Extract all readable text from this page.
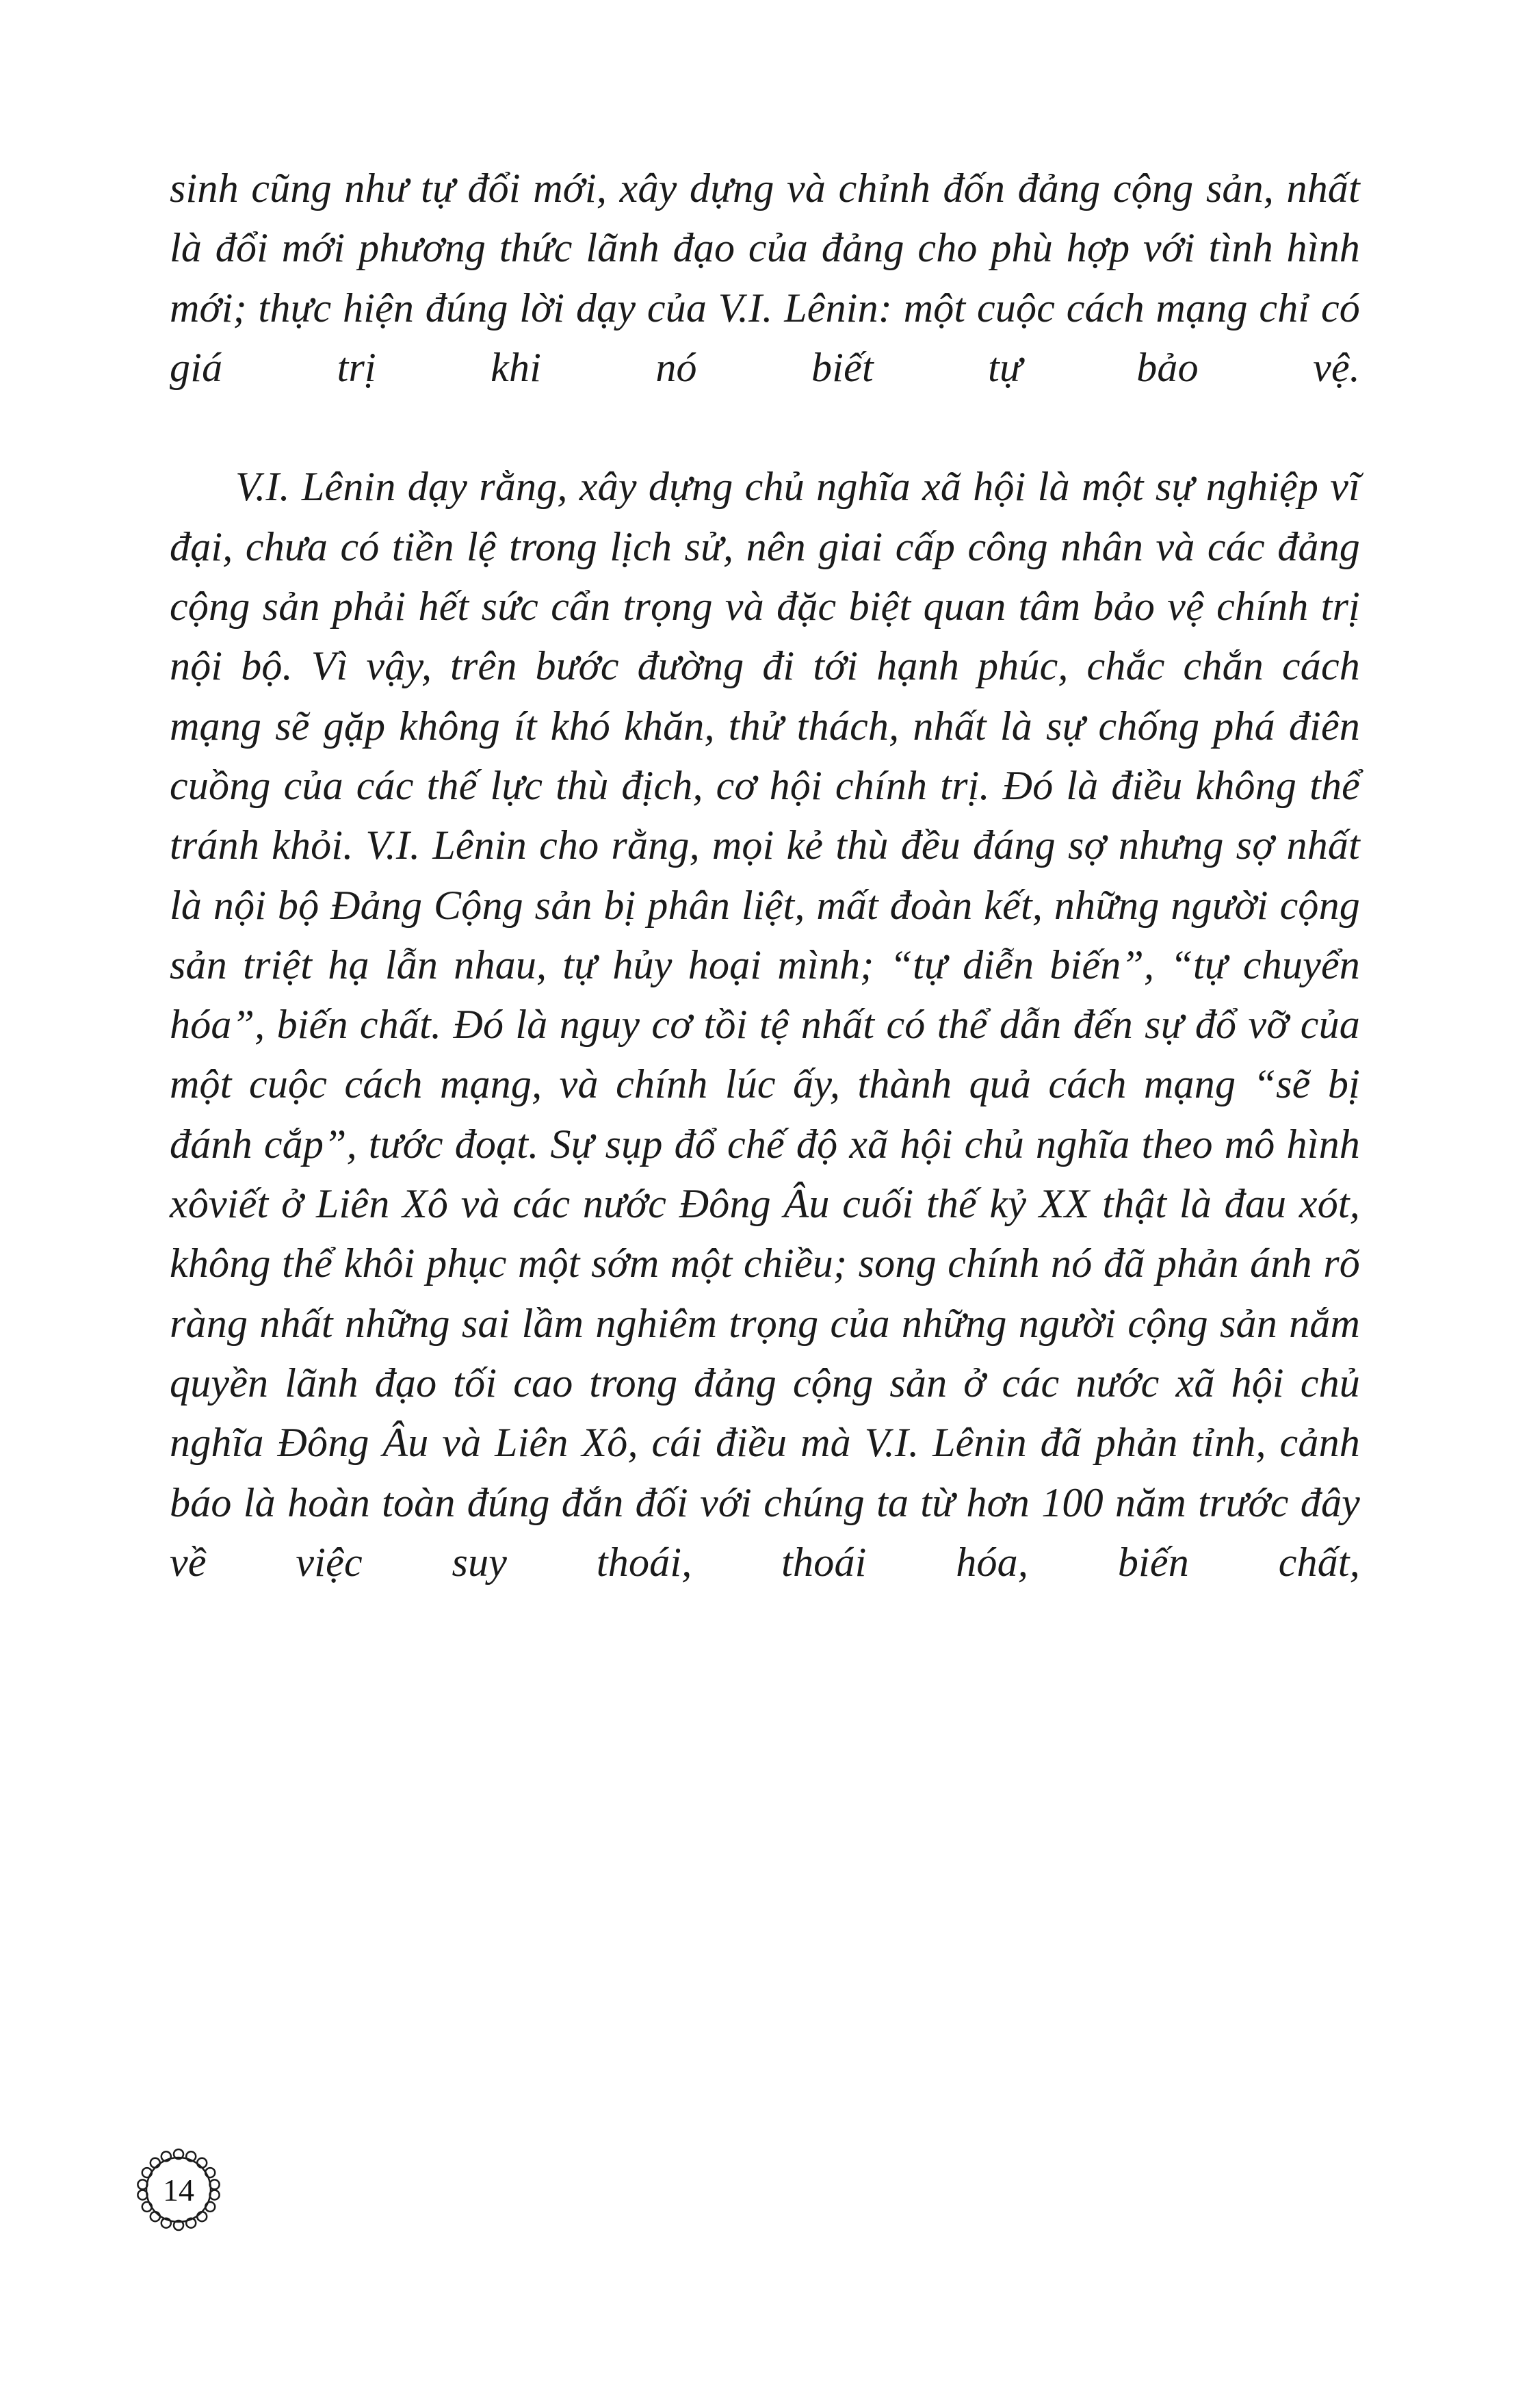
sinh cũng như tự đổi mới, xây dựng và chỉnh đốn đảng cộng sản, nhất là đổi mới phương thức lãnh đạo của đảng cho phù hợp với tình hình mới; thực hiện đúng lời dạy của V.I. Lênin: một cuộc cách mạng chỉ có giá trị khi nó biết tự bảo vệ.

V.I. Lênin dạy rằng, xây dựng chủ nghĩa xã hội là một sự nghiệp vĩ đại, chưa có tiền lệ trong lịch sử, nên giai cấp công nhân và các đảng cộng sản phải hết sức cẩn trọng và đặc biệt quan tâm bảo vệ chính trị nội bộ. Vì vậy, trên bước đường đi tới hạnh phúc, chắc chắn cách mạng sẽ gặp không ít khó khăn, thử thách, nhất là sự chống phá điên cuồng của các thế lực thù địch, cơ hội chính trị. Đó là điều không thể tránh khỏi. V.I. Lênin cho rằng, mọi kẻ thù đều đáng sợ nhưng sợ nhất là nội bộ Đảng Cộng sản bị phân liệt, mất đoàn kết, những người cộng sản triệt hạ lẫn nhau, tự hủy hoại mình; “tự diễn biến”, “tự chuyển hóa”, biến chất. Đó là nguy cơ tồi tệ nhất có thể dẫn đến sự đổ vỡ của một cuộc cách mạng, và chính lúc ấy, thành quả cách mạng “sẽ bị đánh cắp”, tước đoạt. Sự sụp đổ chế độ xã hội chủ nghĩa theo mô hình xôviết ở Liên Xô và các nước Đông Âu cuối thế kỷ XX thật là đau xót, không thể khôi phục một sớm một chiều; song chính nó đã phản ánh rõ ràng nhất những sai lầm nghiêm trọng của những người cộng sản nắm quyền lãnh đạo tối cao trong đảng cộng sản ở các nước xã hội chủ nghĩa Đông Âu và Liên Xô, cái điều mà V.I. Lênin đã phản tỉnh, cảnh báo là hoàn toàn đúng đắn đối với chúng ta từ hơn 100 năm trước đây về việc suy thoái, thoái hóa, biến chất,

14
